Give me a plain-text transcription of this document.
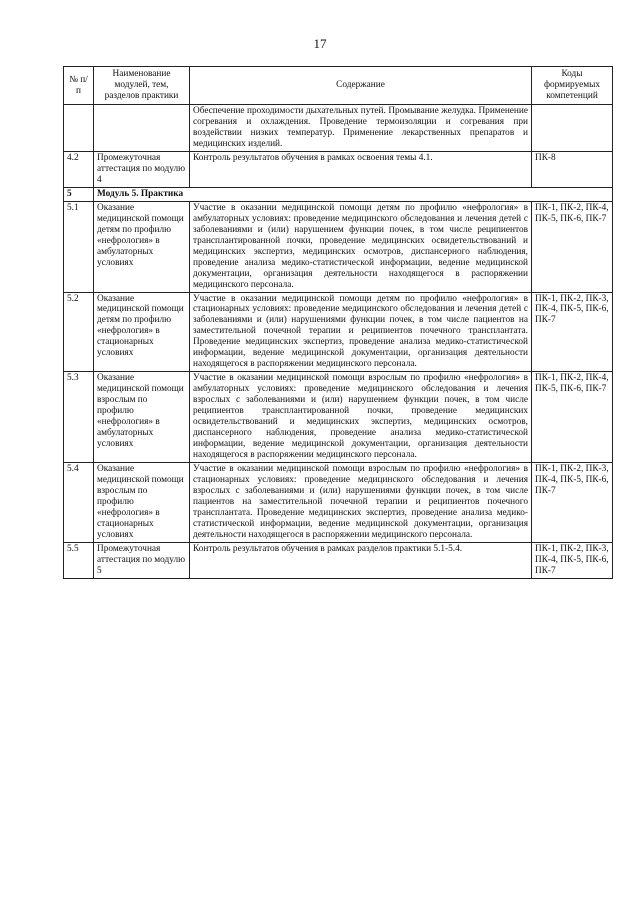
17
№ п/п	Наименование модулей, тем, разделов практики	Содержание	Коды формируемых компетенций
		Обеспечение проходимости дыхательных путей. Промывание желудка. Применение согревания и охлаждения. Проведение термоизоляции и согревания при воздействии низких температур. Применение лекарственных препаратов и медицинских изделий.	
4.2	Промежуточная аттестация по модулю 4	Контроль результатов обучения в рамках освоения темы 4.1.	ПК-8
5	Модуль 5. Практика		
5.1	Оказание медицинской помощи детям по профилю «нефрология» в амбулаторных условиях	Участие в оказании медицинской помощи детям по профилю «нефрология» в амбулаторных условиях: проведение медицинского обследования и лечения детей с заболеваниями и (или) нарушением функции почек, в том числе реципиентов трансплантированной почки, проведение медицинских освидетельствований и медицинских экспертиз, медицинских осмотров, диспансерного наблюдения, проведение анализа медико-статистической информации, ведение медицинской документации, организация деятельности находящегося в распоряжении медицинского персонала.	ПК-1, ПК-2, ПК-4, ПК-5, ПК-6, ПК-7
5.2	Оказание медицинской помощи детям по профилю «нефрология» в стационарных условиях	Участие в оказании медицинской помощи детям по профилю «нефрология» в стационарных условиях: проведение медицинского обследования и лечения детей с заболеваниями и (или) нарушениями функции почек, в том числе пациентов на заместительной почечной терапии и реципиентов почечного трансплантата. Проведение медицинских экспертиз, проведение анализа медико-статистической информации, ведение медицинской документации, организация деятельности находящегося в распоряжении медицинского персонала.	ПК-1, ПК-2, ПК-3, ПК-4, ПК-5, ПК-6, ПК-7
5.3	Оказание медицинской помощи взрослым по профилю «нефрология» в амбулаторных условиях	Участие в оказании медицинской помощи взрослым по профилю «нефрология» в амбулаторных условиях: проведение медицинского обследования и лечения взрослых с заболеваниями и (или) нарушением функции почек, в том числе реципиентов трансплантированной почки, проведение медицинских освидетельствований и медицинских экспертиз, медицинских осмотров, диспансерного наблюдения, проведение анализа медико-статистической информации, ведение медицинской документации, организация деятельности находящегося в распоряжении медицинского персонала.	ПК-1, ПК-2, ПК-4, ПК-5, ПК-6, ПК-7
5.4	Оказание медицинской помощи взрослым по профилю «нефрология» в стационарных условиях	Участие в оказании медицинской помощи взрослым по профилю «нефрология» в стационарных условиях: проведение медицинского обследования и лечения взрослых с заболеваниями и (или) нарушениями функции почек, в том числе пациентов на заместительной почечной терапии и реципиентов почечного трансплантата. Проведение медицинских экспертиз, проведение анализа медико-статистической информации, ведение медицинской документации, организация деятельности находящегося в распоряжении медицинского персонала.	ПК-1, ПК-2, ПК-3, ПК-4, ПК-5, ПК-6, ПК-7
5.5	Промежуточная аттестация по модулю 5	Контроль результатов обучения в рамках разделов практики 5.1-5.4.	ПК-1, ПК-2, ПК-3, ПК-4, ПК-5, ПК-6, ПК-7
